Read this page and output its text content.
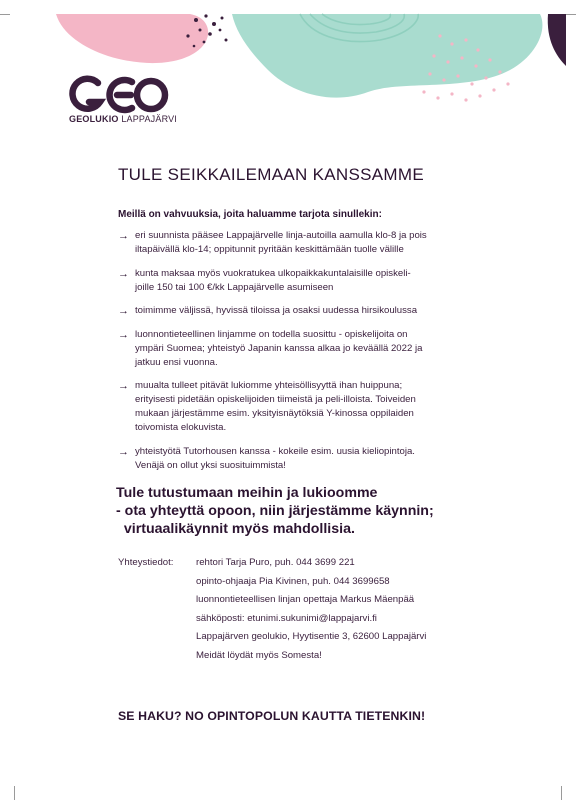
GEOLUKIO LAPPAJÄRVI
TULE SEIKKAILEMAAN KANSSAMME

Meillä on vahvuuksia, joita haluamme tarjota sinullekin:

→ eri suunnista pääsee Lappajärvelle linja-autoilla aamulla klo-8 ja pois
iltapäivällä klo-14; oppitunnit pyritään keskittämään tuolle välille
→ kunta maksaa myös vuokratukea ulkopaikkakuntalaisille opiskeli-
joille 150 tai 100 €/kk Lappajärvelle asumiseen
→ toimimme väljissä, hyvissä tiloissa ja osaksi uudessa hirsikoulussa
→ luonnontieteellinen linjamme on todella suosittu - opiskelijoita on
ympäri Suomea; yhteistyö Japanin kanssa alkaa jo keväällä 2022 ja
jatkuu ensi vuonna.
→ muualta tulleet pitävät lukiomme yhteisöllisyyttä ihan huippuna;
erityisesti pidetään opiskelijoiden tiimeistä ja peli-illoista. Toiveiden
mukaan järjestämme esim. yksityisnäytöksiä Y-kinossa oppilaiden
toivomista elokuvista.
→ yhteistyötä Tutorhousen kanssa - kokeile esim. uusia kieliopintoja.
Venäjä on ollut yksi suosituimmista!

Tule tutustumaan meihin ja lukioomme
- ota yhteyttä opoon, niin järjestämme käynnin;
virtuaalikäynnit myös mahdollisia.

Yhteystiedot: rehtori Tarja Puro, puh. 044 3699 221
opinto-ohjaaja Pia Kivinen, puh. 044 3699658
luonnontieteellisen linjan opettaja Markus Mäenpää
sähköposti: etunimi.sukunimi@lappajarvi.fi
Lappajärven geolukio, Hyytisentie 3, 62600 Lappajärvi
Meidät löydät myös Somesta!

SE HAKU? NO OPINTOPOLUN KAUTTA TIETENKIN!
